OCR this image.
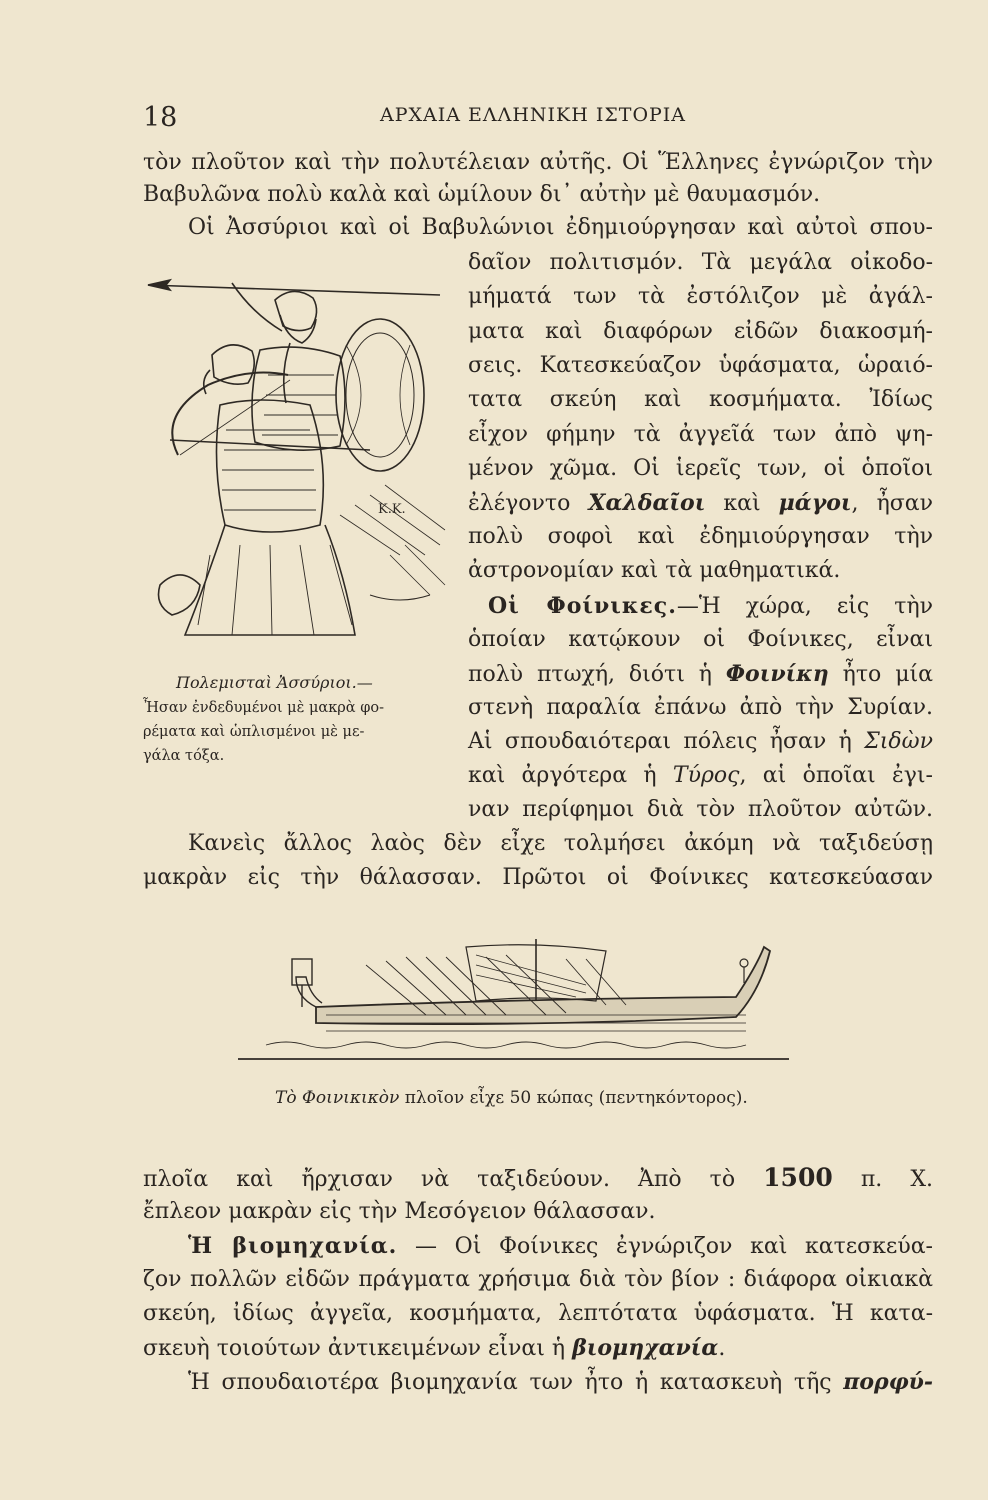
18	ΑΡΧΑΙΑ ΕΛΛΗΝΙΚΗ ΙΣΤΟΡΙΑ
τὸν πλοῦτον καὶ τὴν πολυτέλειαν αὐτῆς. Οἱ Ἕλληνες ἐγνώριζον τὴν
Βαβυλῶνα πολὺ καλὰ καὶ ὡμίλουν δι᾽ αὐτὴν μὲ θαυμασμόν.
Οἱ Ἀσσύριοι καὶ οἱ Βαβυλώνιοι ἐδημιούργησαν καὶ αὐτοὶ σπου-
δαῖον πολιτισμόν. Τὰ μεγάλα οἰκοδο-
μήματά των τὰ ἐστόλιζον μὲ ἀγάλ-
ματα καὶ διαφόρων εἰδῶν διακοσμή-
σεις. Κατεσκεύαζον ὑφάσματα, ὡραιό-
τατα σκεύη καὶ κοσμήματα. Ἰδίως
εἶχον φήμην τὰ ἀγγεῖά των ἀπὸ ψη-
μένον χῶμα. Οἱ ἱερεῖς των, οἱ ὁποῖοι
ἐλέγοντο Χαλδαῖοι καὶ μάγοι, ἦσαν
πολὺ σοφοὶ καὶ ἐδημιούργησαν τὴν
ἀστρονομίαν καὶ τὰ μαθηματικά.
Οἱ Φοίνικες.—Ἡ χώρα, εἰς τὴν
ὁποίαν κατῴκουν οἱ Φοίνικες, εἶναι
πολὺ πτωχή, διότι ἡ Φοινίκη ἦτο μία
στενὴ παραλία ἐπάνω ἀπὸ τὴν Συρίαν.
Αἱ σπουδαιότεραι πόλεις ἦσαν ἡ Σιδὼν
καὶ ἀργότερα ἡ Τύρος, αἱ ὁποῖαι ἐγι-
ναν περίφημοι διὰ τὸν πλοῦτον αὐτῶν.
Κανεὶς ἄλλος λαὸς δὲν εἶχε τολμήσει ἀκόμη νὰ ταξιδεύσῃ
μακρὰν εἰς τὴν θάλασσαν. Πρῶτοι οἱ Φοίνικες κατεσκεύασαν
πλοῖα καὶ ἤρχισαν νὰ ταξιδεύουν. Ἀπὸ τὸ 1500 π. Χ.
ἔπλεον μακρὰν εἰς τὴν Μεσόγειον θάλασσαν.
Ἡ βιομηχανία. — Οἱ Φοίνικες ἐγνώριζον καὶ κατεσκεύα-
ζον πολλῶν εἰδῶν πράγματα χρήσιμα διὰ τὸν βίον : διάφορα οἰκιακὰ
σκεύη, ἰδίως ἀγγεῖα, κοσμήματα, λεπτότατα ὑφάσματα. Ἡ κατα-
σκευὴ τοιούτων ἀντικειμένων εἶναι ἡ βιομηχανία.
Ἡ σπουδαιοτέρα βιομηχανία των ἦτο ἡ κατασκευὴ τῆς πορφύ-
Κ.Κ.
Πολεμισταὶ Ἀσσύριοι.—
Ἦσαν ἐνδεδυμένοι μὲ μακρὰ φο-
ρέματα καὶ ὡπλισμένοι μὲ με-
γάλα τόξα.
Τὸ Φοινικικὸν πλοῖον εἶχε 50 κώπας (πεντηκόντορος).
